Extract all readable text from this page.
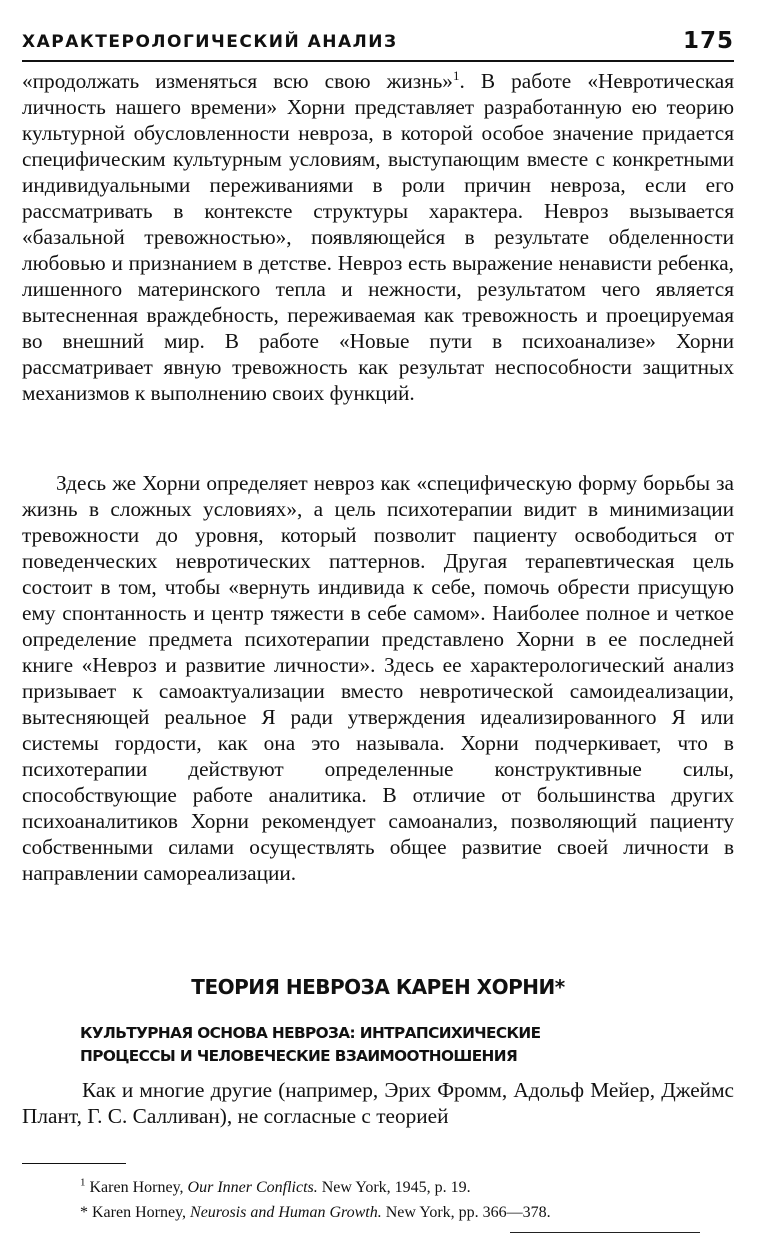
ХАРАКТЕРОЛОГИЧЕСКИЙ АНАЛИЗ	175

«продолжать изменяться всю свою жизнь»$^1$. В работе «Невротическая личность нашего времени» Хорни представляет разработанную ею теорию культурной обусловленности невроза, в которой особое значение придается специфическим культурным условиям, выступающим вместе с конкретными индивидуальными переживаниями в роли причин невроза, если его рассматривать в контексте структуры характера. Невроз вызывается «базальной тревожностью», появляющейся в результате обделенности любовью и признанием в детстве. Невроз есть выражение ненависти ребенка, лишенного материнского тепла и нежности, результатом чего является вытесненная враждебность, переживаемая как тревожность и проецируемая во внешний мир. В работе «Новые пути в психоанализе» Хорни рассматривает явную тревожность как результат неспособности защитных механизмов к выполнению своих функций.

Здесь же Хорни определяет невроз как «специфическую форму борьбы за жизнь в сложных условиях», а цель психотерапии видит в минимизации тревожности до уровня, который позволит пациенту освободиться от поведенческих невротических паттернов. Другая терапевтическая цель состоит в том, чтобы «вернуть индивида к себе, помочь обрести присущую ему спонтанность и центр тяжести в себе самом». Наиболее полное и четкое определение предмета психотерапии представлено Хорни в ее последней книге «Невроз и развитие личности». Здесь ее характерологический анализ призывает к самоактуализации вместо невротической самоидеализации, вытесняющей реальное Я ради утверждения идеализированного Я или системы гордости, как она это называла. Хорни подчеркивает, что в психотерапии действуют определенные конструктивные силы, способствующие работе аналитика. В отличие от большинства других психоаналитиков Хорни рекомендует самоанализ, позволяющий пациенту собственными силами осуществлять общее развитие своей личности в направлении самореализации.

ТЕОРИЯ НЕВРОЗА КАРЕН ХОРНИ*
КУЛЬТУРНАЯ ОСНОВА НЕВРОЗА: ИНТРАПСИХИЧЕСКИЕ
ПРОЦЕССЫ И ЧЕЛОВЕЧЕСКИЕ ВЗАИМООТНОШЕНИЯ

Как и многие другие (например, Эрих Фромм, Адольф Мейер, Джеймс Плант, Г. С. Салливан), не согласные с теорией

$^1$ Karen Horney, Our Inner Conflicts. New York, 1945, p. 19.
* Karen Horney, Neurosis and Human Growth. New York, pp. 366—378.
